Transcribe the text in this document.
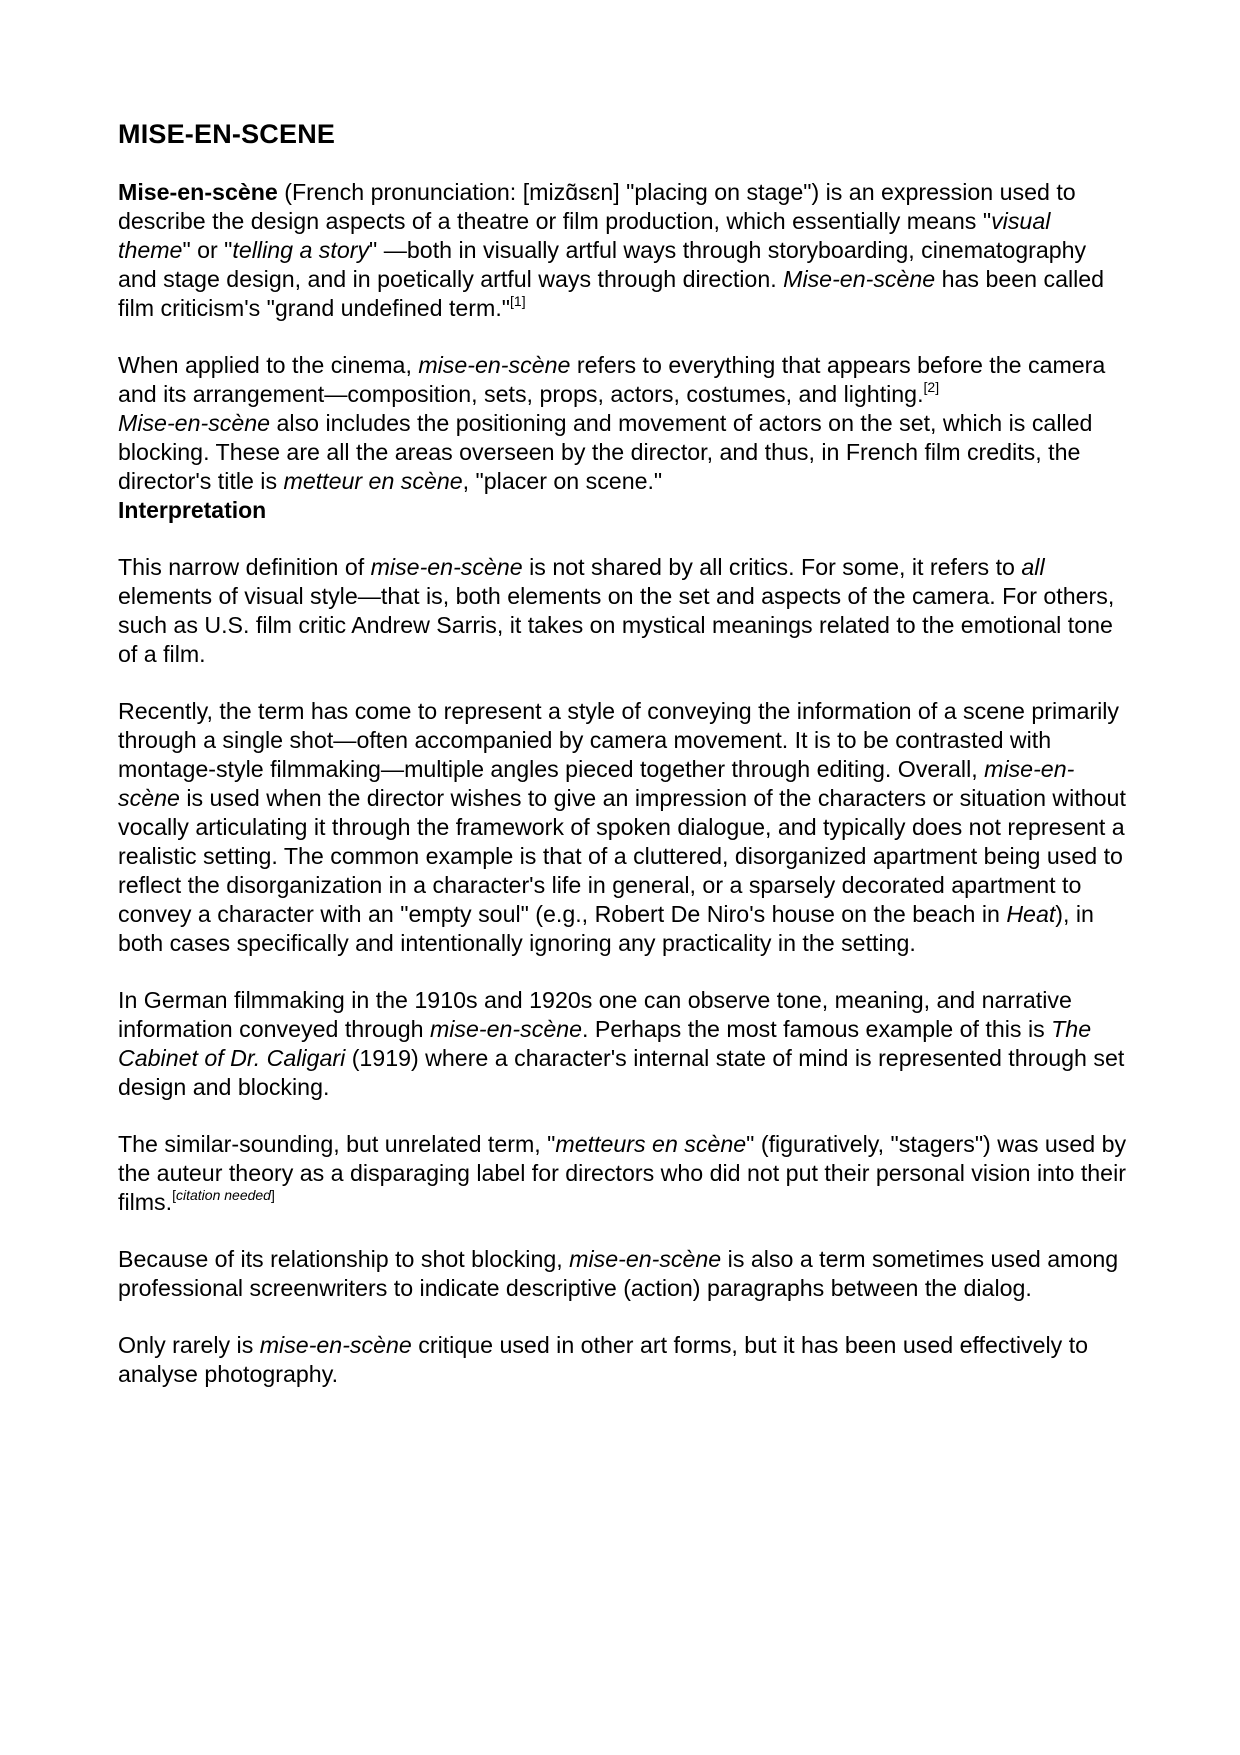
MISE-EN-SCENE

Mise-en-scène (French pronunciation: [mizɑ̃sɛn] "placing on stage") is an expression used to describe the design aspects of a theatre or film production, which essentially means "visual theme" or "telling a story" —both in visually artful ways through storyboarding, cinematography and stage design, and in poetically artful ways through direction. Mise-en-scène has been called film criticism's "grand undefined term."[1]

When applied to the cinema, mise-en-scène refers to everything that appears before the camera and its arrangement—composition, sets, props, actors, costumes, and lighting.[2]
Mise-en-scène also includes the positioning and movement of actors on the set, which is called blocking. These are all the areas overseen by the director, and thus, in French film credits, the director's title is metteur en scène, "placer on scene."

Interpretation

This narrow definition of mise-en-scène is not shared by all critics. For some, it refers to all elements of visual style—that is, both elements on the set and aspects of the camera. For others, such as U.S. film critic Andrew Sarris, it takes on mystical meanings related to the emotional tone of a film.

Recently, the term has come to represent a style of conveying the information of a scene primarily through a single shot—often accompanied by camera movement. It is to be contrasted with montage-style filmmaking—multiple angles pieced together through editing. Overall, mise-en-scène is used when the director wishes to give an impression of the characters or situation without vocally articulating it through the framework of spoken dialogue, and typically does not represent a realistic setting. The common example is that of a cluttered, disorganized apartment being used to reflect the disorganization in a character's life in general, or a sparsely decorated apartment to convey a character with an "empty soul" (e.g., Robert De Niro's house on the beach in Heat), in both cases specifically and intentionally ignoring any practicality in the setting.

In German filmmaking in the 1910s and 1920s one can observe tone, meaning, and narrative information conveyed through mise-en-scène. Perhaps the most famous example of this is The Cabinet of Dr. Caligari (1919) where a character's internal state of mind is represented through set design and blocking.

The similar-sounding, but unrelated term, "metteurs en scène" (figuratively, "stagers") was used by the auteur theory as a disparaging label for directors who did not put their personal vision into their films.[citation needed]

Because of its relationship to shot blocking, mise-en-scène is also a term sometimes used among professional screenwriters to indicate descriptive (action) paragraphs between the dialog.

Only rarely is mise-en-scène critique used in other art forms, but it has been used effectively to analyse photography.
